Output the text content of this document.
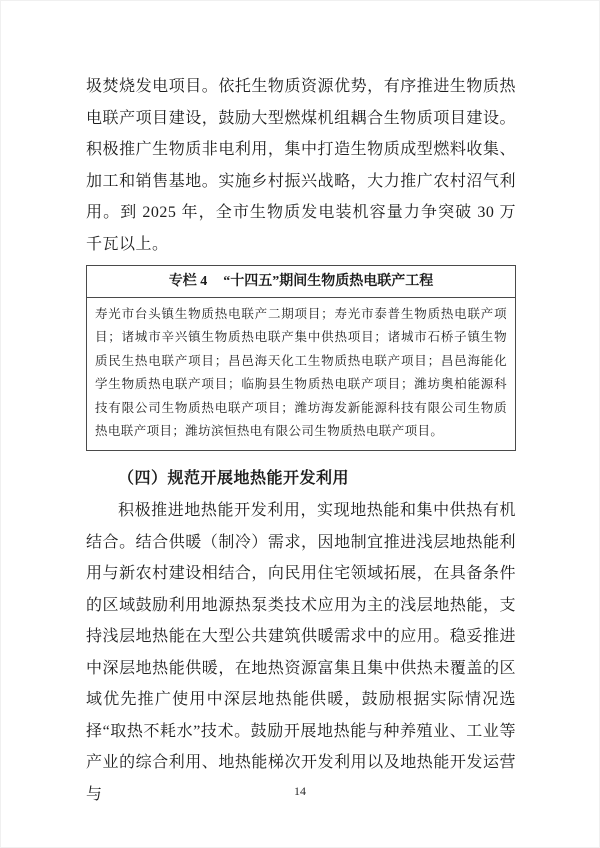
圾焚烧发电项目。依托生物质资源优势，有序推进生物质热电联产项目建设，鼓励大型燃煤机组耦合生物质项目建设。积极推广生物质非电利用，集中打造生物质成型燃料收集、加工和销售基地。实施乡村振兴战略，大力推广农村沼气利用。到 2025 年，全市生物质发电装机容量力争突破 30 万千瓦以上。

专栏 4 “十四五”期间生物质热电联产工程
寿光市台头镇生物质热电联产二期项目；寿光市泰普生物质热电联产项目；诸城市辛兴镇生物质热电联产集中供热项目；诸城市石桥子镇生物质民生热电联产项目；昌邑海天化工生物质热电联产项目；昌邑海能化学生物质热电联产项目；临朐县生物质热电联产项目；潍坊奥柏能源科技有限公司生物质热电联产项目；潍坊海发新能源科技有限公司生物质热电联产项目；潍坊滨恒热电有限公司生物质热电联产项目。
（四）规范开展地热能开发利用

积极推进地热能开发利用，实现地热能和集中供热有机结合。结合供暖（制冷）需求，因地制宜推进浅层地热能利用与新农村建设相结合，向民用住宅领域拓展，在具备条件的区域鼓励利用地源热泵类技术应用为主的浅层地热能，支持浅层地热能在大型公共建筑供暖需求中的应用。稳妥推进中深层地热能供暖，在地热资源富集且集中供热未覆盖的区域优先推广使用中深层地热能供暖，鼓励根据实际情况选择“取热不耗水”技术。鼓励开展地热能与种养殖业、工业等产业的综合利用、地热能梯次开发利用以及地热能开发运营与	14
